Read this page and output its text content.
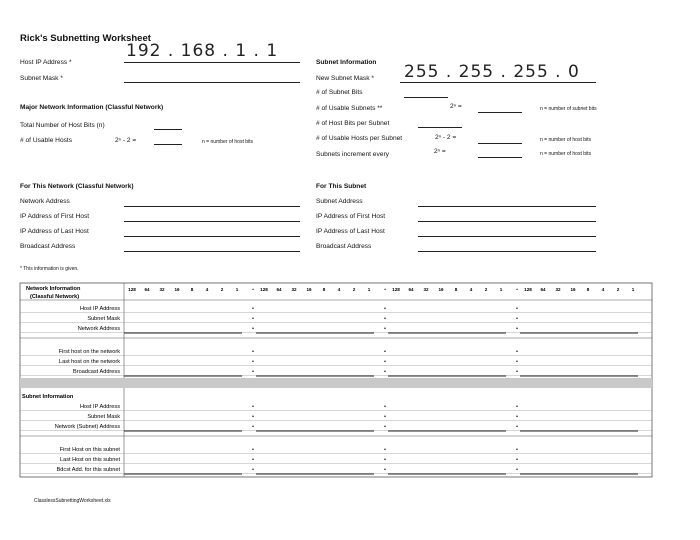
Rick's Subnetting Worksheet
Host IP Address *
192 . 168 . 1 . 1
Subnet Mask *
Major Network Information (Classful Network)
Total Number of Host Bits (n)
# of Usable Hosts	2ⁿ - 2 =	n = number of host bits
Subnet Information
New Subnet Mask * 255 . 255 . 255 . 0
# of Subnet Bits
# of Usable Subnets **	2ⁿ =	n = number of subnet bits
# of Host Bits per Subnet
# of Usable Hosts per Subnet	2ⁿ - 2 =	n = number of host bits
Subnets increment every	2ⁿ =	n = number of host bits
For This Network (Classful Network)
Network Address
IP Address of First Host
IP Address of Last Host
Broadcast Address
For This Subnet
Subnet Address
IP Address of First Host
IP Address of Last Host
Broadcast Address
* This information is given.
128 64 32 16 8	4	2	1	• 128 64 32 16 8	4	2	1	• 128 64 32 16 8	4	2	1	• 128 64 32 16 8	4	2	1
Network Information
(Classful Network)
Subnet Information
Host IP Address	•	•	•
Subnet Mask	•	•	•
Network Address	•	•	•
First host on the network	•	•	•
Last host on the network	•	•	•
Broadcast Address	•	•	•
Host IP Address	•	•	•
Subnet Mask	•	•	•
Network (Subnet) Address	•	•	•
First Host on this subnet	•	•	•
Last Host on this subnet	•	•	•
Bdcst Add. for this subnet	•	•	•
ClasslessSubnettingWorksheet.xls
